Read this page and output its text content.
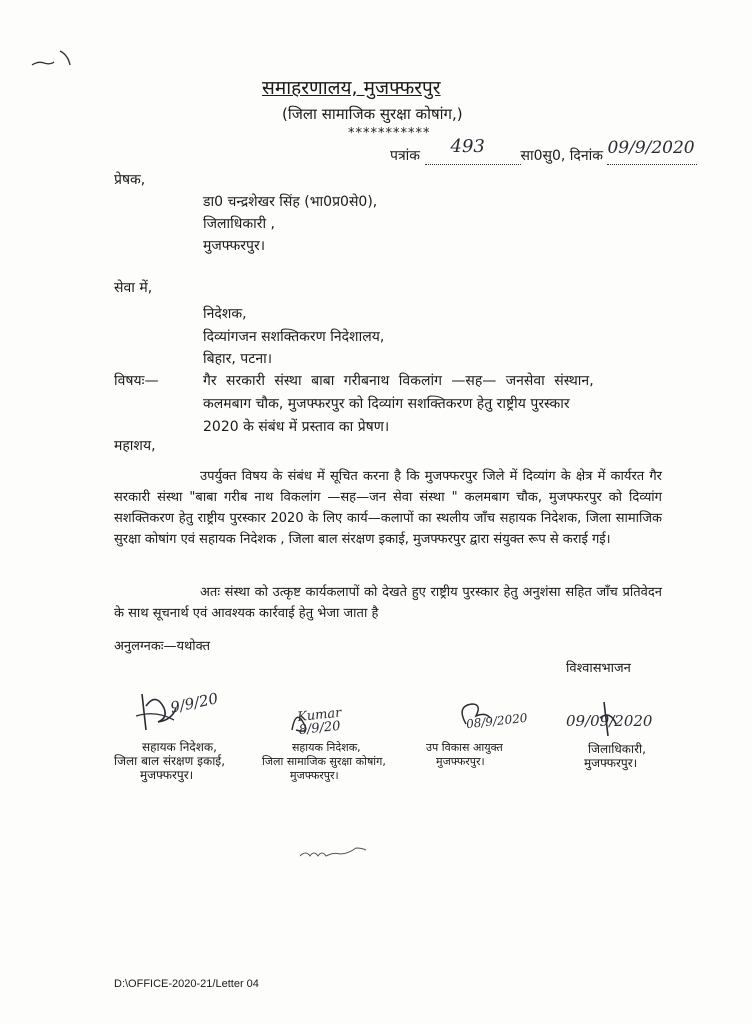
समाहरणालय, मुजफ्फरपुर
(जिला सामाजिक सुरक्षा कोषांग,)
***********
पत्रांक 493	सा0सु0, दिनांक 09/9/2020

प्रेषक,
डा0 चन्द्रशेखर सिंह (भा0प्र0से0),
जिलाधिकारी ,
मुजफ्फरपुर।
सेवा में,
निदेशक,
दिव्यांगजन सशक्तिकरण निदेशालय,
बिहार, पटना।
विषयः—	गैर सरकारी संस्था बाबा गरीबनाथ विकलांग —सह— जनसेवा संस्थान,
कलमबाग चौक, मुजफ्फरपुर को दिव्यांग सशक्तिकरण हेतु राष्ट्रीय पुरस्कार
2020 के संबंध में प्रस्ताव का प्रेषण।
महाशय,
उपर्युक्त विषय के संबंध में सूचित करना है कि मुजफ्फरपुर जिले में दिव्यांग के क्षेत्र में कार्यरत गैर सरकारी संस्था "बाबा गरीब नाथ विकलांग —सह—जन सेवा संस्था " कलमबाग चौक, मुजफ्फरपुर को दिव्यांग सशक्तिकरण हेतु राष्ट्रीय पुरस्कार 2020 के लिए कार्य—कलापों का स्थलीय जाँच सहायक निदेशक, जिला सामाजिक सुरक्षा कोषांग एवं सहायक निदेशक , जिला बाल संरक्षण इकाई, मुजफ्फरपुर द्वारा संयुक्त रूप से कराई गई।
अतः संस्था को उत्कृष्ट कार्यकलापों को देखते हुए राष्ट्रीय पुरस्कार हेतु अनुशंसा सहित जाँच प्रतिवेदन के साथ सूचनार्थ एवं आवश्यक कार्रवाई हेतु भेजा जाता है
अनुलग्नकः—यथोक्त
विश्वासभाजन
9/9/20
सहायक निदेशक,
जिला बाल संरक्षण इकाई,
मुजफ्फरपुर।
Kumar 8/9/20
सहायक निदेशक,
जिला सामाजिक सुरक्षा कोषांग,
मुजफ्फरपुर।
08/9/2020
उप विकास आयुक्त
मुजफ्फरपुर।
09/09/2020
जिलाधिकारी,
मुजफ्फरपुर।
D:\OFFICE-2020-21/Letter 04
